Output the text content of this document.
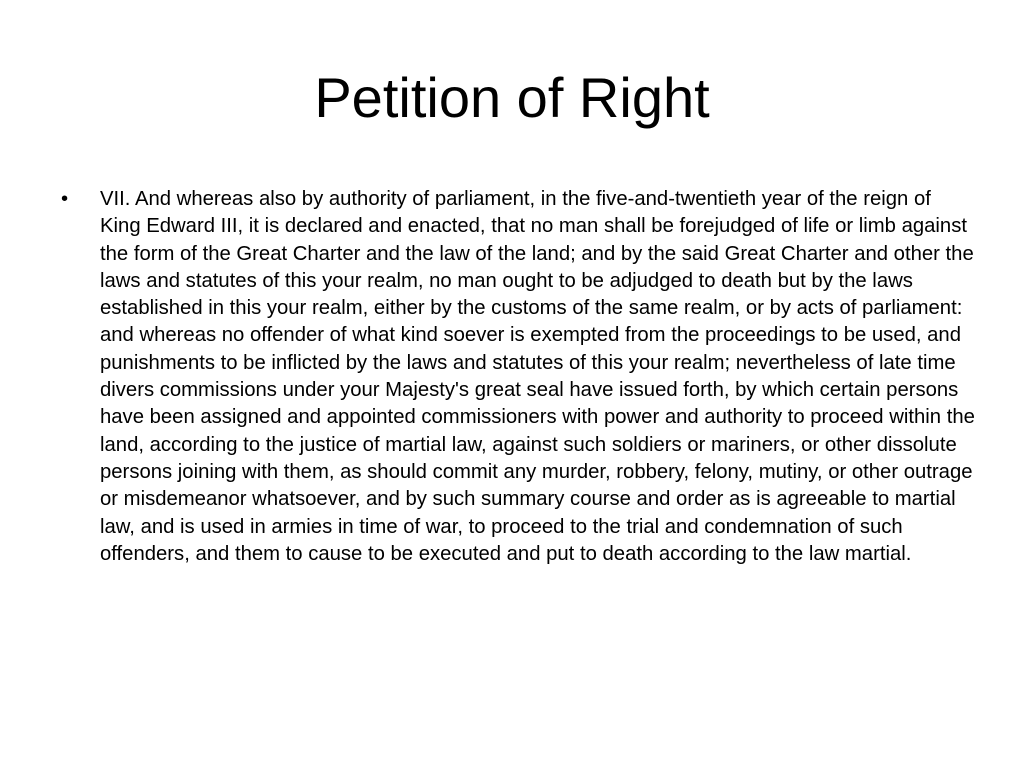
Petition of Right
• VII. And whereas also by authority of parliament, in the five-and-twentieth year of the reign of King Edward III, it is declared and enacted, that no man shall be forejudged of life or limb against the form of the Great Charter and the law of the land; and by the said Great Charter and other the laws and statutes of this your realm, no man ought to be adjudged to death but by the laws established in this your realm, either by the customs of the same realm, or by acts of parliament: and whereas no offender of what kind soever is exempted from the proceedings to be used, and punishments to be inflicted by the laws and statutes of this your realm; nevertheless of late time divers commissions under your Majesty's great seal have issued forth, by which certain persons have been assigned and appointed commissioners with power and authority to proceed within the land, according to the justice of martial law, against such soldiers or mariners, or other dissolute persons joining with them, as should commit any murder, robbery, felony, mutiny, or other outrage or misdemeanor whatsoever, and by such summary course and order as is agreeable to martial law, and is used in armies in time of war, to proceed to the trial and condemnation of such offenders, and them to cause to be executed and put to death according to the law martial.
